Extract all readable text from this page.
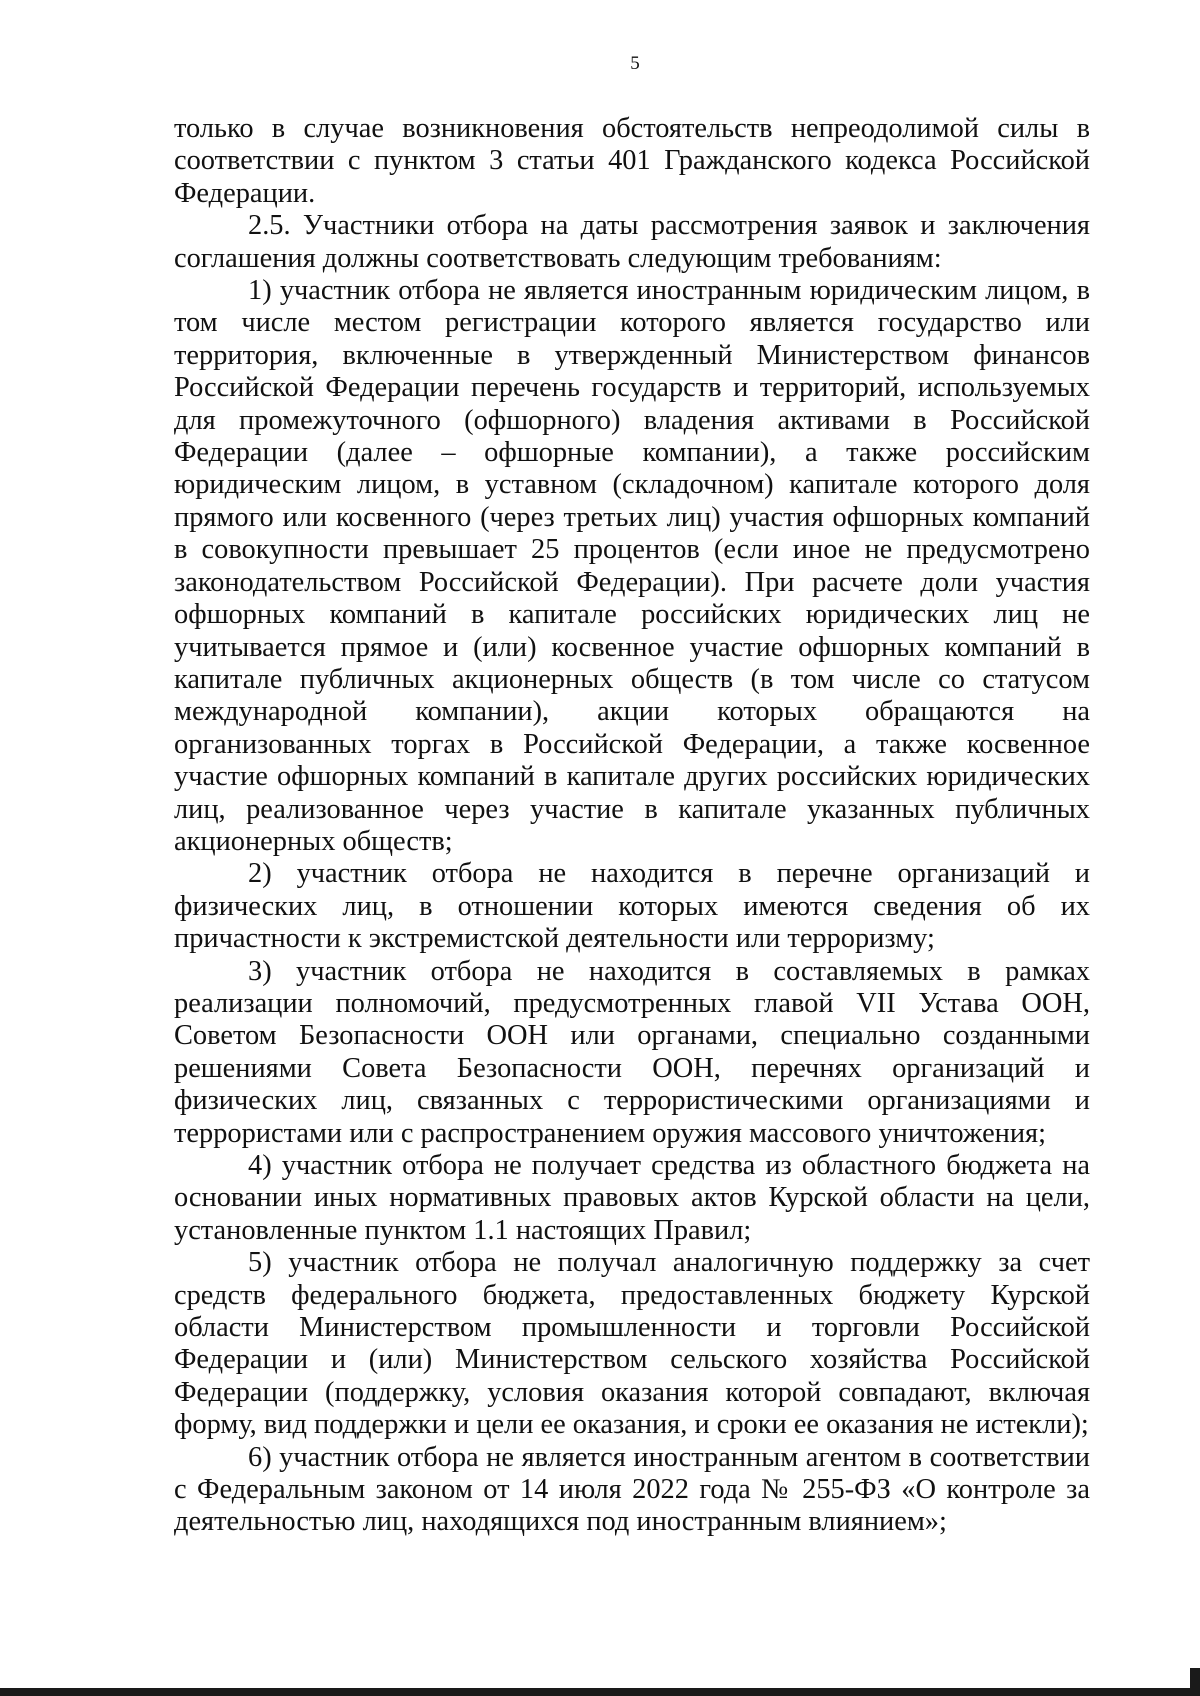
5

только в случае возникновения обстоятельств непреодолимой силы в соответствии с пунктом 3 статьи 401 Гражданского кодекса Российской Федерации.

2.5. Участники отбора на даты рассмотрения заявок и заключения соглашения должны соответствовать следующим требованиям:

1) участник отбора не является иностранным юридическим лицом, в том числе местом регистрации которого является государство или территория, включенные в утвержденный Министерством финансов Российской Федерации перечень государств и территорий, используемых для промежуточного (офшорного) владения активами в Российской Федерации (далее – офшорные компании), а также российским юридическим лицом, в уставном (складочном) капитале которого доля прямого или косвенного (через третьих лиц) участия офшорных компаний в совокупности превышает 25 процентов (если иное не предусмотрено законодательством Российской Федерации). При расчете доли участия офшорных компаний в капитале российских юридических лиц не учитывается прямое и (или) косвенное участие офшорных компаний в капитале публичных акционерных обществ (в том числе со статусом международной компании), акции которых обращаются на организованных торгах в Российской Федерации, а также косвенное участие офшорных компаний в капитале других российских юридических лиц, реализованное через участие в капитале указанных публичных акционерных обществ;

2) участник отбора не находится в перечне организаций и физических лиц, в отношении которых имеются сведения об их причастности к экстремистской деятельности или терроризму;

3) участник отбора не находится в составляемых в рамках реализации полномочий, предусмотренных главой VII Устава ООН, Советом Безопасности ООН или органами, специально созданными решениями Совета Безопасности ООН, перечнях организаций и физических лиц, связанных с террористическими организациями и террористами или с распространением оружия массового уничтожения;

4) участник отбора не получает средства из областного бюджета на основании иных нормативных правовых актов Курской области на цели, установленные пунктом 1.1 настоящих Правил;

5) участник отбора не получал аналогичную поддержку за счет средств федерального бюджета, предоставленных бюджету Курской области Министерством промышленности и торговли Российской Федерации и (или) Министерством сельского хозяйства Российской Федерации (поддержку, условия оказания которой совпадают, включая форму, вид поддержки и цели ее оказания, и сроки ее оказания не истекли);

6) участник отбора не является иностранным агентом в соответствии с Федеральным законом от 14 июля 2022 года № 255-ФЗ «О контроле за деятельностью лиц, находящихся под иностранным влиянием»;
